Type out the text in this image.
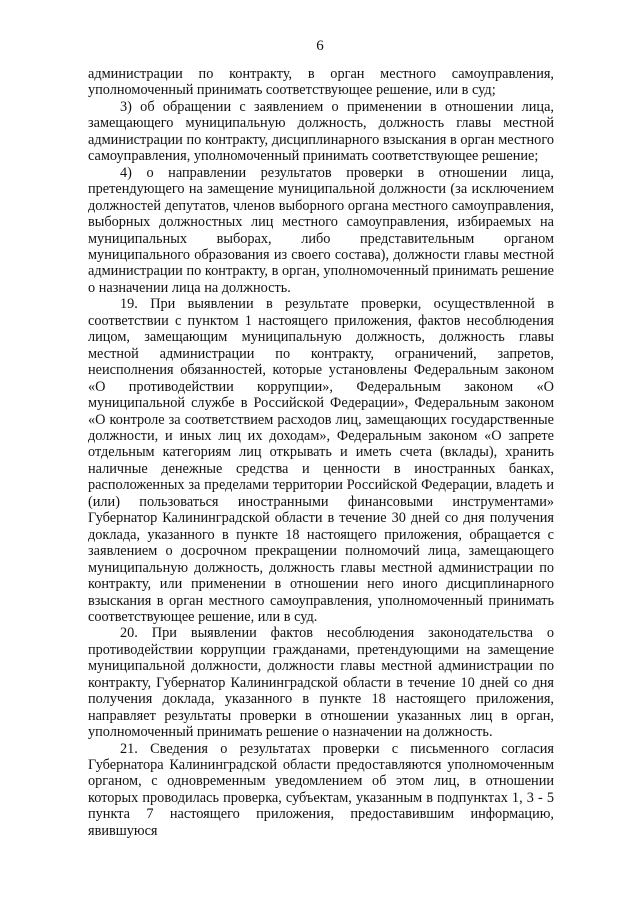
6

администрации по контракту, в орган местного самоуправления, уполномоченный принимать соответствующее решение, или в суд;

3) об обращении с заявлением о применении в отношении лица, замещающего муниципальную должность, должность главы местной администрации по контракту, дисциплинарного взыскания в орган местного самоуправления, уполномоченный принимать соответствующее решение;

4) о направлении результатов проверки в отношении лица, претендующего на замещение муниципальной должности (за исключением должностей депутатов, членов выборного органа местного самоуправления, выборных должностных лиц местного самоуправления, избираемых на муниципальных выборах, либо представительным органом муниципального образования из своего состава), должности главы местной администрации по контракту, в орган, уполномоченный принимать решение о назначении лица на должность.

19. При выявлении в результате проверки, осуществленной в соответствии с пунктом 1 настоящего приложения, фактов несоблюдения лицом, замещающим муниципальную должность, должность главы местной администрации по контракту, ограничений, запретов, неисполнения обязанностей, которые установлены Федеральным законом «О противодействии коррупции», Федеральным законом «О муниципальной службе в Российской Федерации», Федеральным законом «О контроле за соответствием расходов лиц, замещающих государственные должности, и иных лиц их доходам», Федеральным законом «О запрете отдельным категориям лиц открывать и иметь счета (вклады), хранить наличные денежные средства и ценности в иностранных банках, расположенных за пределами территории Российской Федерации, владеть и (или) пользоваться иностранными финансовыми инструментами» Губернатор Калининградской области в течение 30 дней со дня получения доклада, указанного в пункте 18 настоящего приложения, обращается с заявлением о досрочном прекращении полномочий лица, замещающего муниципальную должность, должность главы местной администрации по контракту, или применении в отношении него иного дисциплинарного взыскания в орган местного самоуправления, уполномоченный принимать соответствующее решение, или в суд.

20. При выявлении фактов несоблюдения законодательства о противодействии коррупции гражданами, претендующими на замещение муниципальной должности, должности главы местной администрации по контракту, Губернатор Калининградской области в течение 10 дней со дня получения доклада, указанного в пункте 18 настоящего приложения, направляет результаты проверки в отношении указанных лиц в орган, уполномоченный принимать решение о назначении на должность.

21. Сведения о результатах проверки с письменного согласия Губернатора Калининградской области предоставляются уполномоченным органом, с одновременным уведомлением об этом лиц, в отношении которых проводилась проверка, субъектам, указанным в подпунктах 1, 3 - 5 пункта 7 настоящего приложения, предоставившим информацию, явившуюся
